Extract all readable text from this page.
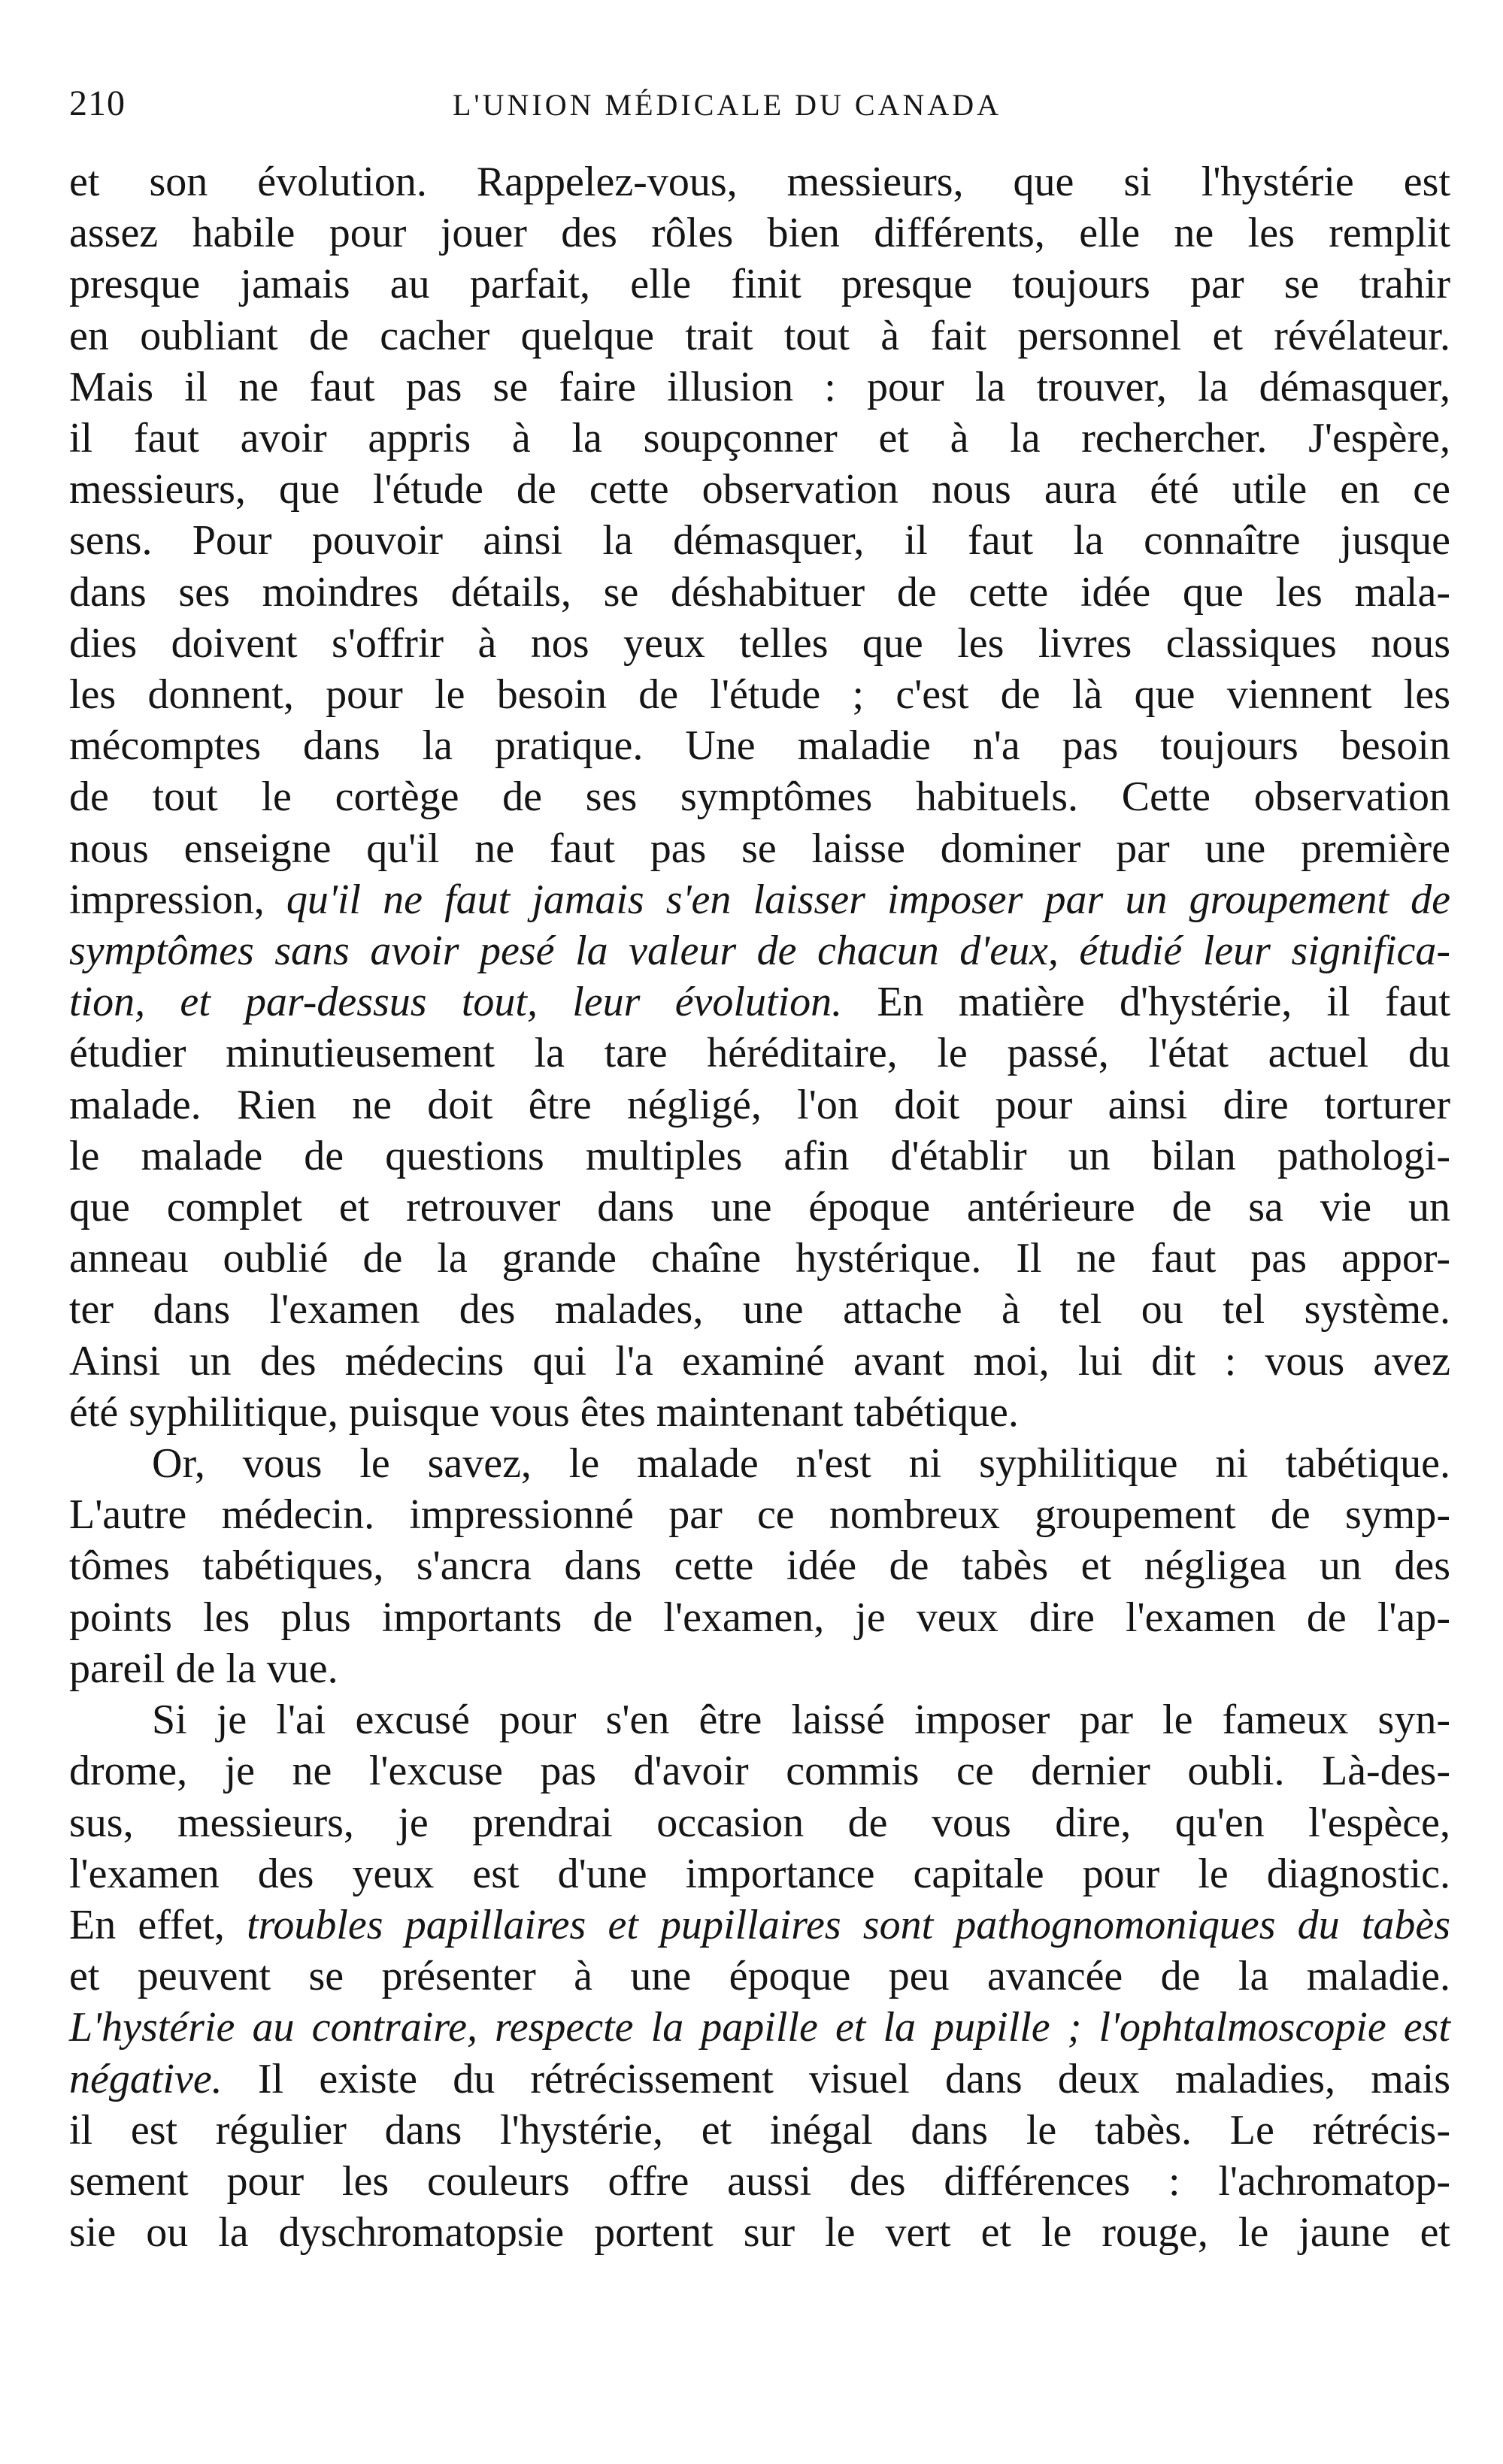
210	L'UNION MÉDICALE DU CANADA
et son évolution. Rappelez-vous, messieurs, que si l'hystérie est
assez habile pour jouer des rôles bien différents, elle ne les remplit
presque jamais au parfait, elle finit presque toujours par se trahir
en oubliant de cacher quelque trait tout à fait personnel et révélateur.
Mais il ne faut pas se faire illusion : pour la trouver, la démasquer,
il faut avoir appris à la soupçonner et à la rechercher. J'espère,
messieurs, que l'étude de cette observation nous aura été utile en ce
sens. Pour pouvoir ainsi la démasquer, il faut la connaître jusque
dans ses moindres détails, se déshabituer de cette idée que les mala-
dies doivent s'offrir à nos yeux telles que les livres classiques nous
les donnent, pour le besoin de l'étude ; c'est de là que viennent les
mécomptes dans la pratique. Une maladie n'a pas toujours besoin
de tout le cortège de ses symptômes habituels. Cette observation
nous enseigne qu'il ne faut pas se laisse dominer par une première
impression, qu'il ne faut jamais s'en laisser imposer par un groupement de
symptômes sans avoir pesé la valeur de chacun d'eux, étudié leur significa-
tion, et par-dessus tout, leur évolution. En matière d'hystérie, il faut
étudier minutieusement la tare héréditaire, le passé, l'état actuel du
malade. Rien ne doit être négligé, l'on doit pour ainsi dire torturer
le malade de questions multiples afin d'établir un bilan pathologi-
que complet et retrouver dans une époque antérieure de sa vie un
anneau oublié de la grande chaîne hystérique. Il ne faut pas appor-
ter dans l'examen des malades, une attache à tel ou tel système.
Ainsi un des médecins qui l'a examiné avant moi, lui dit : vous avez
été syphilitique, puisque vous êtes maintenant tabétique.
Or, vous le savez, le malade n'est ni syphilitique ni tabétique.
L'autre médecin. impressionné par ce nombreux groupement de symp-
tômes tabétiques, s'ancra dans cette idée de tabès et négligea un des
points les plus importants de l'examen, je veux dire l'examen de l'ap-
pareil de la vue.
Si je l'ai excusé pour s'en être laissé imposer par le fameux syn-
drome, je ne l'excuse pas d'avoir commis ce dernier oubli. Là-des-
sus, messieurs, je prendrai occasion de vous dire, qu'en l'espèce,
l'examen des yeux est d'une importance capitale pour le diagnostic.
En effet, troubles papillaires et pupillaires sont pathognomoniques du tabès
et peuvent se présenter à une époque peu avancée de la maladie.
L'hystérie au contraire, respecte la papille et la pupille ; l'ophtalmoscopie est
négative. Il existe du rétrécissement visuel dans deux maladies, mais
il est régulier dans l'hystérie, et inégal dans le tabès. Le rétrécis-
sement pour les couleurs offre aussi des différences : l'achromatop-
sie ou la dyschromatopsie portent sur le vert et le rouge, le jaune et
